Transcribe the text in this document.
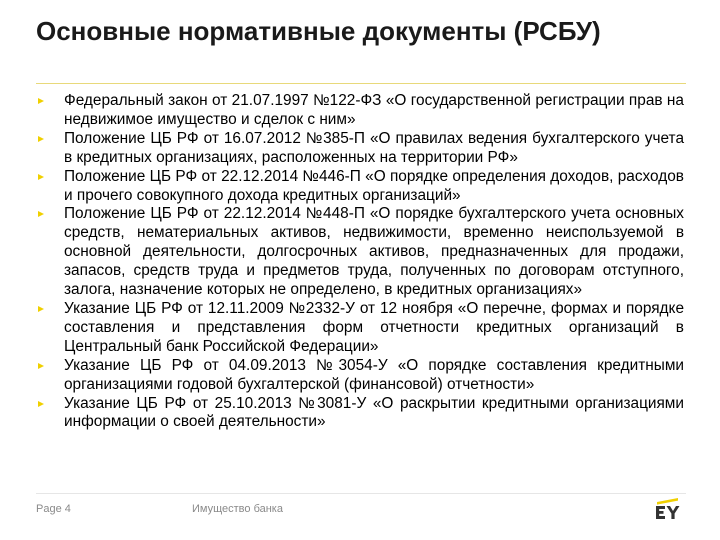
Основные нормативные документы (РСБУ)
Федеральный закон от 21.07.1997 №122-ФЗ «О государственной регистрации прав на недвижимое имущество и сделок с ним»
Положение ЦБ РФ от 16.07.2012 №385-П «О правилах ведения бухгалтерского учета в кредитных организациях, расположенных на территории РФ»
Положение ЦБ РФ от 22.12.2014 №446-П «О порядке определения доходов, расходов и прочего совокупного дохода кредитных организаций»
Положение ЦБ РФ от 22.12.2014 №448-П «О порядке бухгалтерского учета основных средств, нематериальных активов, недвижимости, временно неиспользуемой в основной деятельности, долгосрочных активов, предназначенных для продажи, запасов, средств труда и предметов труда, полученных по договорам отступного, залога, назначение которых не определено, в кредитных организациях»
Указание ЦБ РФ от 12.11.2009 №2332-У от 12 ноября «О перечне, формах и порядке составления и представления форм отчетности кредитных организаций в Центральный банк Российской Федерации»
Указание ЦБ РФ от 04.09.2013 №3054-У «О порядке составления кредитными организациями годовой бухгалтерской (финансовой) отчетности»
Указание ЦБ РФ от 25.10.2013 №3081-У «О раскрытии кредитными организациями информации о своей деятельности»
Page 4	Имущество банка
